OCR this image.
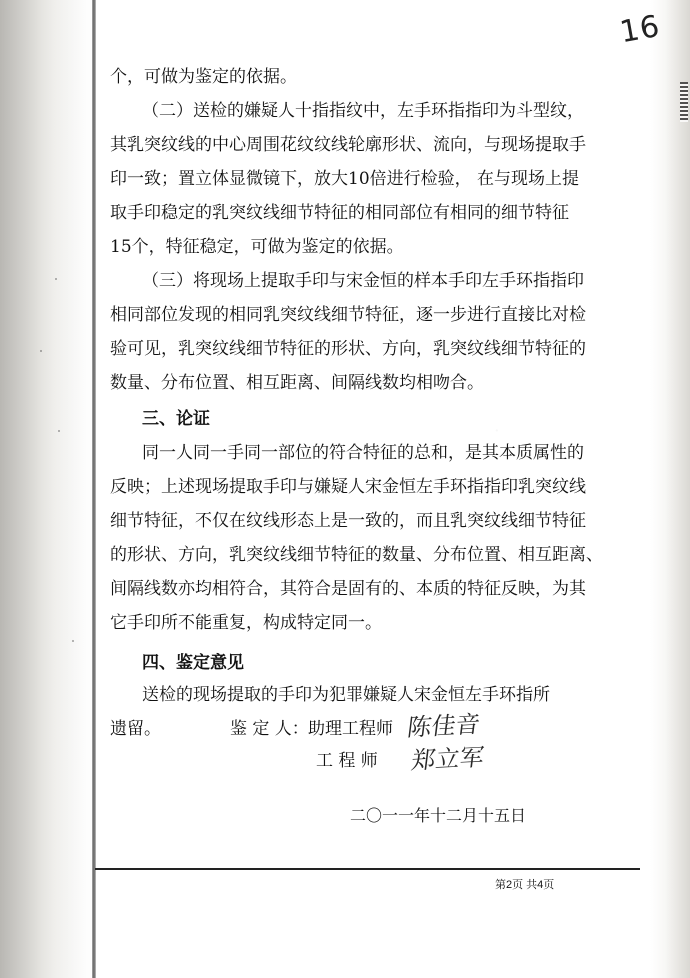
16
个，可做为鉴定的依据。
（二）送检的嫌疑人十指指纹中，左手环指指印为斗型纹，
其乳突纹线的中心周围花纹纹线轮廓形状、流向，与现场提取手
印一致；置立体显微镜下，放大10倍进行检验， 在与现场上提
取手印稳定的乳突纹线细节特征的相同部位有相同的细节特征
15个，特征稳定，可做为鉴定的依据。
（三）将现场上提取手印与宋金恒的样本手印左手环指指印
相同部位发现的相同乳突纹线细节特征，逐一步进行直接比对检
验可见，乳突纹线细节特征的形状、方向，乳突纹线细节特征的
数量、分布位置、相互距离、间隔线数均相吻合。
三、论证
同一人同一手同一部位的符合特征的总和，是其本质属性的
反映；上述现场提取手印与嫌疑人宋金恒左手环指指印乳突纹线
细节特征，不仅在纹线形态上是一致的，而且乳突纹线细节特征
的形状、方向，乳突纹线细节特征的数量、分布位置、相互距离、
间隔线数亦均相符合，其符合是固有的、本质的特征反映，为其
它手印所不能重复，构成特定同一。
四、鉴定意见
送检的现场提取的手印为犯罪嫌疑人宋金恒左手环指所
遗留。	鉴 定 人： 助理工程师 陈佳音
工 程 师 郑立军
二〇一一年十二月十五日
第2页 共4页
